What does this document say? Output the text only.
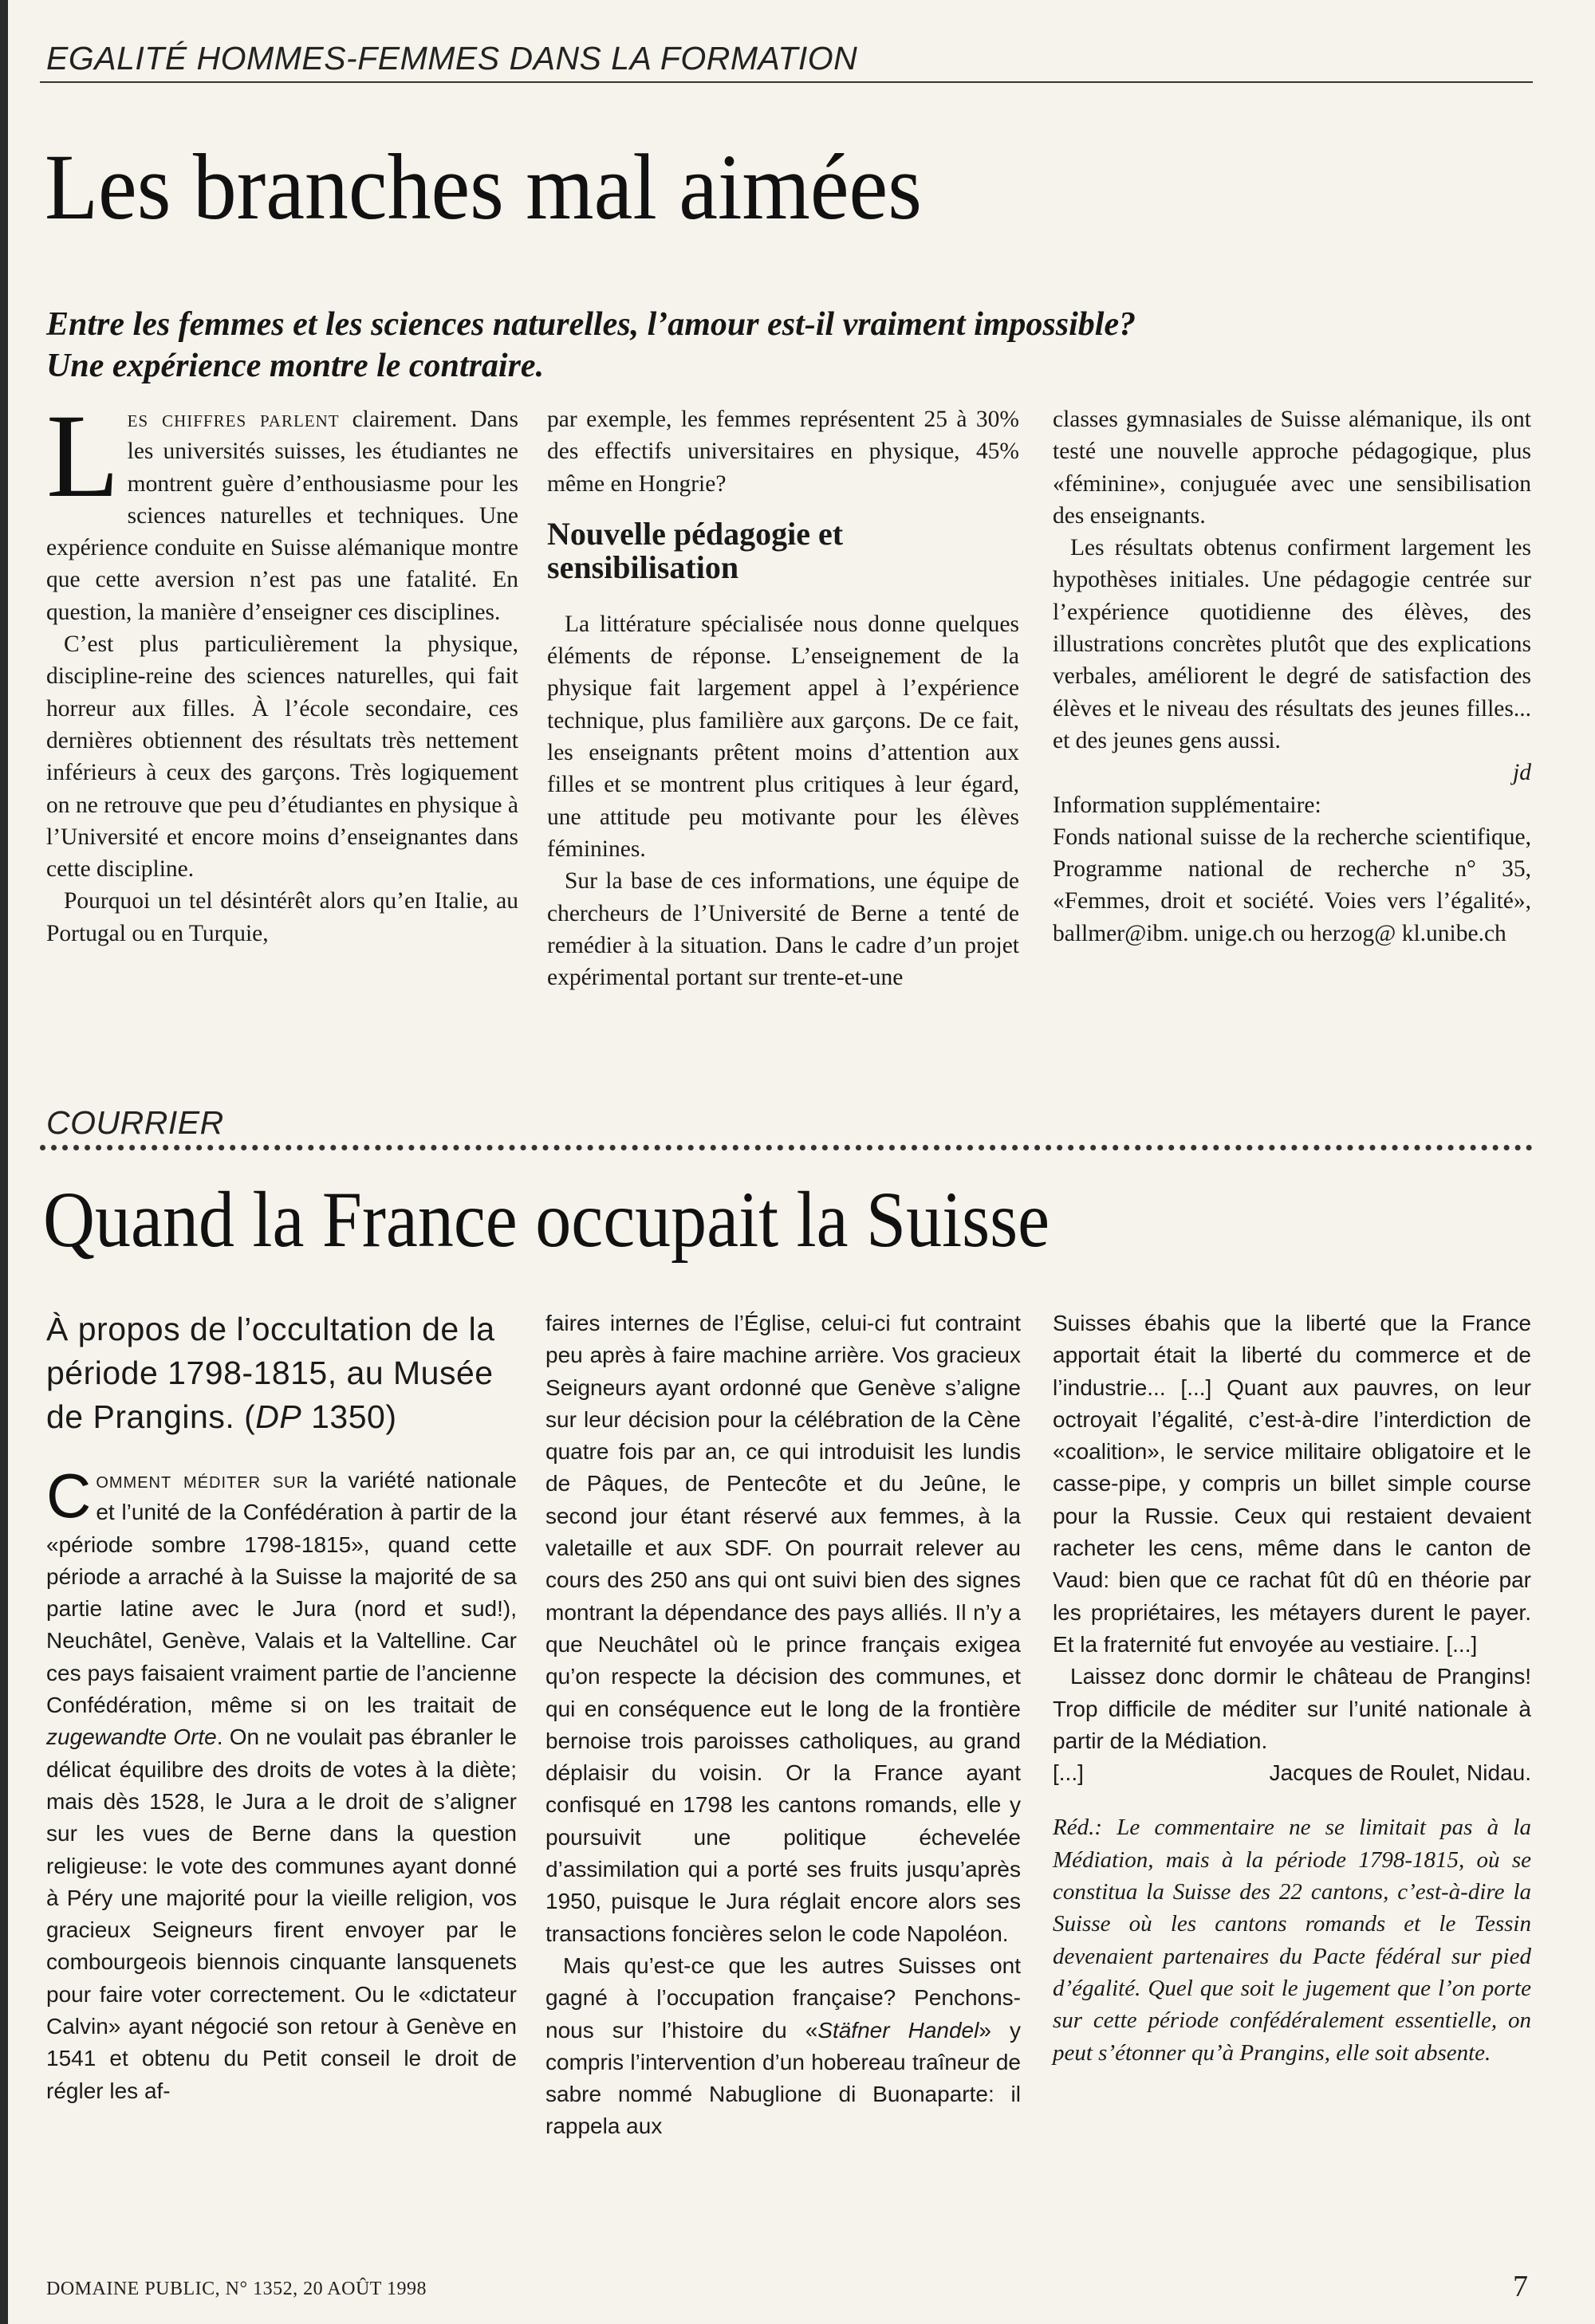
EGALITÉ HOMMES-FEMMES DANS LA FORMATION
Les branches mal aimées
Entre les femmes et les sciences naturelles, l’amour est-il vraiment impossible? Une expérience montre le contraire.

Les chiffres parlent clairement. Dans les universités suisses, les étudiantes ne montrent guère d’enthousiasme pour les sciences naturelles et techniques. Une expérience conduite en Suisse alémanique montre que cette aversion n’est pas une fatalité. En question, la manière d’enseigner ces disciplines.

C’est plus particulièrement la physique, discipline-reine des sciences naturelles, qui fait horreur aux filles. À l’école secondaire, ces dernières obtiennent des résultats très nettement inférieurs à ceux des garçons. Très logiquement on ne retrouve que peu d’étudiantes en physique à l’Université et encore moins d’enseignantes dans cette discipline.

Pourquoi un tel désintérêt alors qu’en Italie, au Portugal ou en Turquie,

par exemple, les femmes représentent 25 à 30% des effectifs universitaires en physique, 45% même en Hongrie?

Nouvelle pédagogie et sensibilisation

La littérature spécialisée nous donne quelques éléments de réponse. L’enseignement de la physique fait largement appel à l’expérience technique, plus familière aux garçons. De ce fait, les enseignants prêtent moins d’attention aux filles et se montrent plus critiques à leur égard, une attitude peu motivante pour les élèves féminines.

Sur la base de ces informations, une équipe de chercheurs de l’Université de Berne a tenté de remédier à la situation. Dans le cadre d’un projet expérimental portant sur trente-et-une

classes gymnasiales de Suisse alémanique, ils ont testé une nouvelle approche pédagogique, plus «féminine», conjuguée avec une sensibilisation des enseignants.

Les résultats obtenus confirment largement les hypothèses initiales. Une pédagogie centrée sur l’expérience quotidienne des élèves, des illustrations concrètes plutôt que des explications verbales, améliorent le degré de satisfaction des élèves et le niveau des résultats des jeunes filles... et des jeunes gens aussi.

jd

Information supplémentaire:

Fonds national suisse de la recherche scientifique, Programme national de recherche n° 35, «Femmes, droit et société. Voies vers l’égalité», ballmer@ibm. unige.ch ou herzog@ kl.unibe.ch

COURRIER
Quand la France occupait la Suisse
À propos de l’occultation de la période 1798-1815, au Musée de Prangins. (DP 1350)

Comment méditer sur la variété nationale et l’unité de la Confédération à partir de la «période sombre 1798-1815», quand cette période a arraché à la Suisse la majorité de sa partie latine avec le Jura (nord et sud!), Neuchâtel, Genève, Valais et la Valtelline. Car ces pays faisaient vraiment partie de l’ancienne Confédération, même si on les traitait de zugewandte Orte. On ne voulait pas ébranler le délicat équilibre des droits de votes à la diète; mais dès 1528, le Jura a le droit de s’aligner sur les vues de Berne dans la question religieuse: le vote des communes ayant donné à Péry une majorité pour la vieille religion, vos gracieux Seigneurs firent envoyer par le combourgeois biennois cinquante lansquenets pour faire voter correctement. Ou le «dictateur Calvin» ayant négocié son retour à Genève en 1541 et obtenu du Petit conseil le droit de régler les af-

faires internes de l’Église, celui-ci fut contraint peu après à faire machine arrière. Vos gracieux Seigneurs ayant ordonné que Genève s’aligne sur leur décision pour la célébration de la Cène quatre fois par an, ce qui introduisit les lundis de Pâques, de Pentecôte et du Jeûne, le second jour étant réservé aux femmes, à la valetaille et aux SDF. On pourrait relever au cours des 250 ans qui ont suivi bien des signes montrant la dépendance des pays alliés. Il n’y a que Neuchâtel où le prince français exigea qu’on respecte la décision des communes, et qui en conséquence eut le long de la frontière bernoise trois paroisses catholiques, au grand déplaisir du voisin. Or la France ayant confisqué en 1798 les cantons romands, elle y poursuivit une politique échevelée d’assimilation qui a porté ses fruits jusqu’après 1950, puisque le Jura réglait encore alors ses transactions foncières selon le code Napoléon.

Mais qu’est-ce que les autres Suisses ont gagné à l’occupation française? Penchons-nous sur l’histoire du «Stäfner Handel» y compris l’intervention d’un hobereau traîneur de sabre nommé Nabuglione di Buonaparte: il rappela aux

Suisses ébahis que la liberté que la France apportait était la liberté du commerce et de l’industrie... [...] Quant aux pauvres, on leur octroyait l’égalité, c’est-à-dire l’interdiction de «coalition», le service militaire obligatoire et le casse-pipe, y compris un billet simple course pour la Russie. Ceux qui restaient devaient racheter les cens, même dans le canton de Vaud: bien que ce rachat fût dû en théorie par les propriétaires, les métayers durent le payer. Et la fraternité fut envoyée au vestiaire. [...]

Laissez donc dormir le château de Prangins! Trop difficile de méditer sur l’unité nationale à partir de la Médiation.

[...]	Jacques de Roulet, Nidau.

Réd.: Le commentaire ne se limitait pas à la Médiation, mais à la période 1798-1815, où se constitua la Suisse des 22 cantons, c’est-à-dire la Suisse où les cantons romands et le Tessin devenaient partenaires du Pacte fédéral sur pied d’égalité. Quel que soit le jugement que l’on porte sur cette période confédéralement essentielle, on peut s’étonner qu’à Prangins, elle soit absente.

DOMAINE PUBLIC, N° 1352, 20 AOÛT 1998	7
